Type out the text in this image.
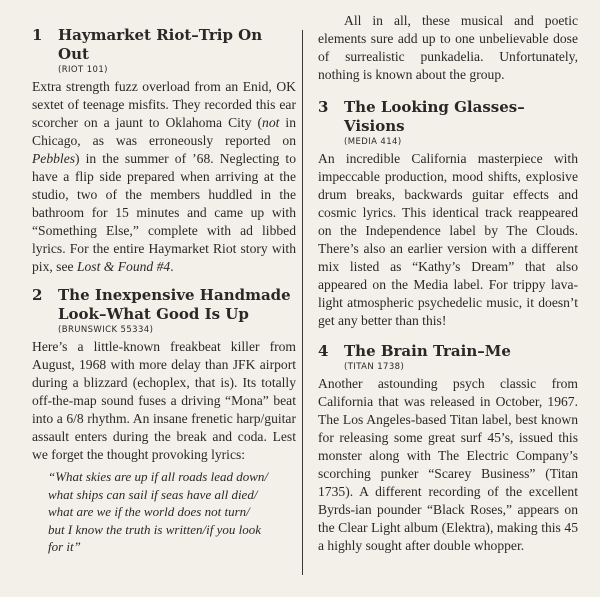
1	Haymarket Riot–Trip On Out
(RIOT 101)

Extra strength fuzz overload from an Enid, OK sextet of teenage misfits. They recorded this ear scorcher on a jaunt to Oklahoma City (not in Chicago, as was erroneously reported on Pebbles) in the summer of ’68. Neglecting to have a flip side prepared when arriving at the studio, two of the members huddled in the bathroom for 15 minutes and came up with “Something Else,” complete with ad libbed lyrics. For the entire Haymarket Riot story with pix, see Lost & Found #4.

2	The Inexpensive Handmade
Look–What Good Is Up
(BRUNSWICK 55334)

Here’s a little-known freakbeat killer from August, 1968 with more delay than JFK airport during a blizzard (echoplex, that is). Its totally off-the-map sound fuses a driving “Mona” beat into a 6/8 rhythm. An insane frenetic harp/guitar assault enters during the break and coda. Lest we forget the thought provoking lyrics:

“What skies are up if all roads lead down/
what ships can sail if seas have all died/
what are we if the world does not turn/
but I know the truth is written/if you look
for it”

All in all, these musical and poetic elements sure add up to one unbelievable dose of surrealistic punkadelia. Unfortunately, nothing is known about the group.

3	The Looking Glasses–Visions
(MEDIA 414)

An incredible California masterpiece with impeccable production, mood shifts, explosive drum breaks, backwards guitar effects and cosmic lyrics. This identical track reappeared on the Independence label by The Clouds. There’s also an earlier version with a different mix listed as “Kathy’s Dream” that also appeared on the Media label. For trippy lava-light atmospheric psychedelic music, it doesn’t get any better than this!

4	The Brain Train–Me
(TITAN 1738)

Another astounding psych classic from California that was released in October, 1967. The Los Angeles-based Titan label, best known for releasing some great surf 45’s, issued this monster along with The Electric Company’s scorching punker “Scarey Business” (Titan 1735). A different recording of the excellent Byrds-ian pounder “Black Roses,” appears on the Clear Light album (Elektra), making this 45 a highly sought after double whopper.
